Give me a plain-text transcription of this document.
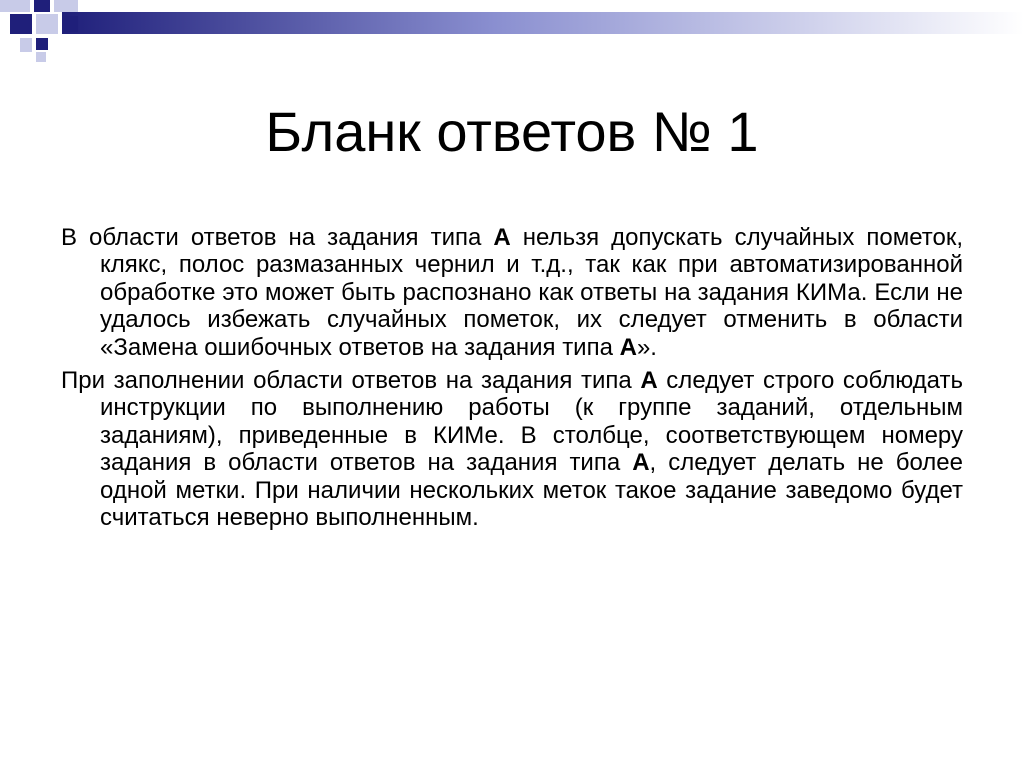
Бланк ответов № 1

В области ответов на задания типа А нельзя допускать случайных пометок, клякс, полос размазанных чернил и т.д., так как при автоматизированной обработке это может быть распознано как ответы на задания КИМа. Если не удалось избежать случайных пометок, их следует отменить в области «Замена ошибочных ответов на задания типа А».

При заполнении области ответов на задания типа А следует строго соблюдать инструкции по выполнению работы (к группе заданий, отдельным заданиям), приведенные в КИМе. В столбце, соответствующем номеру задания в области ответов на задания типа А, следует делать не более одной метки. При наличии нескольких меток такое задание заведомо будет считаться неверно выполненным.
